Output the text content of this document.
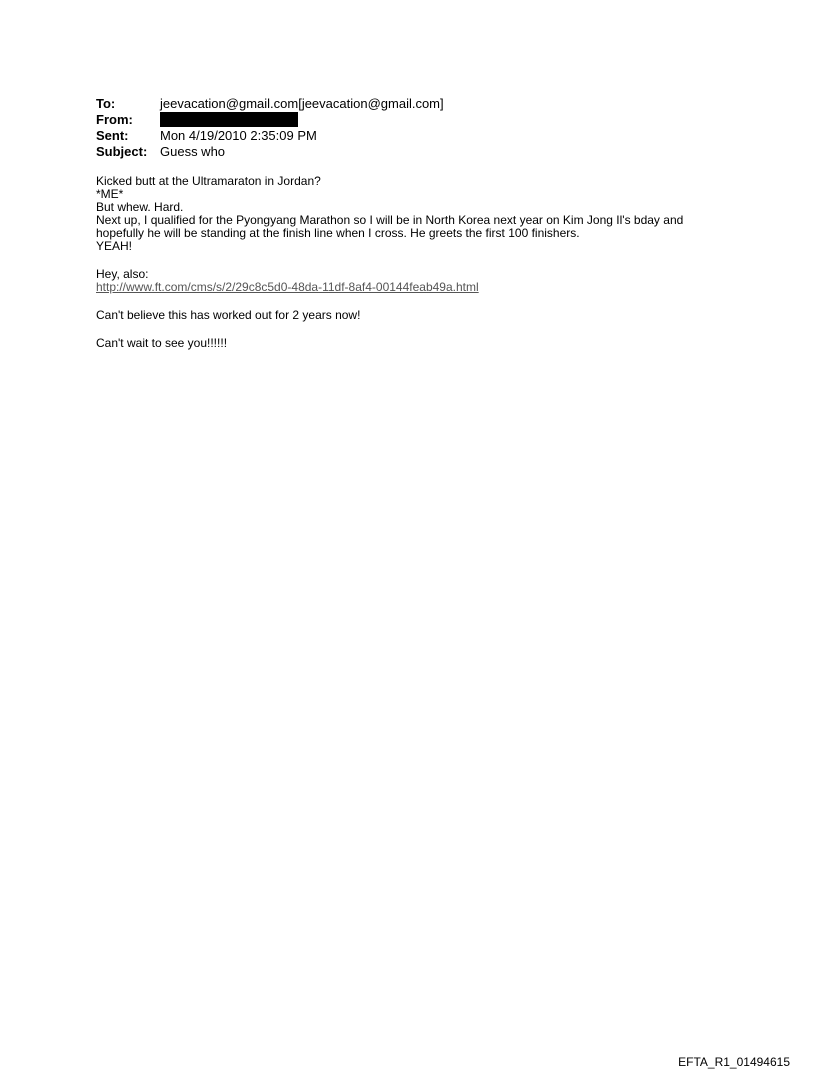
To:	jeevacation@gmail.com[jeevacation@gmail.com]
From:
Sent:	Mon 4/19/2010 2:35:09 PM
Subject: Guess who
Kicked butt at the Ultramaraton in Jordan?
*ME*
But whew. Hard.
Next up, I qualified for the Pyongyang Marathon so I will be in North Korea next year on Kim Jong Il's bday and
hopefully he will be standing at the finish line when I cross. He greets the first 100 finishers.
YEAH!
Hey, also:
http://www.ft.com/cms/s/2/29c8c5d0-48da-11df-8af4-00144feab49a.html
Can't believe this has worked out for 2 years now!
Can't wait to see you!!!!!!
EFTA_R1_01494615
